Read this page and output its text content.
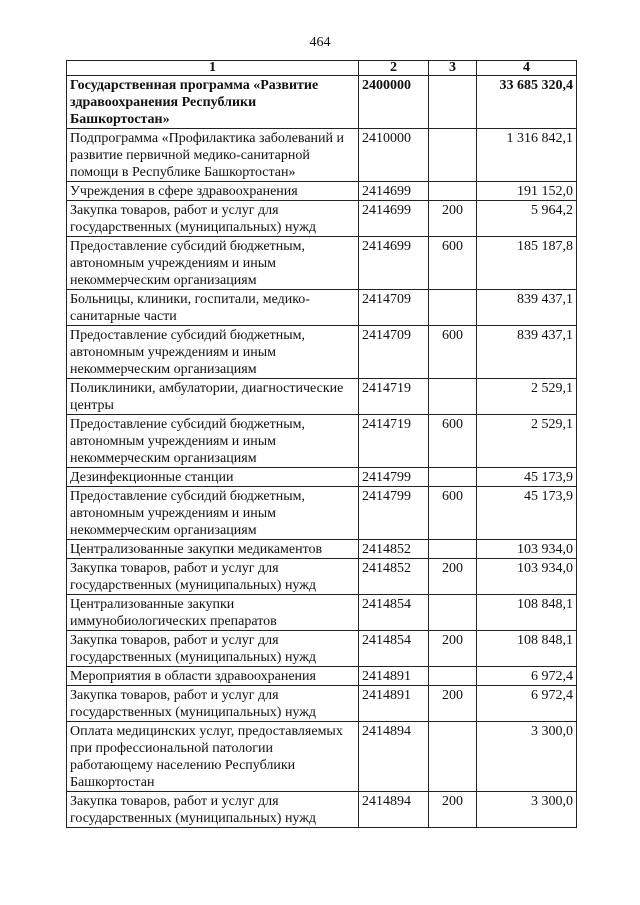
464
1	2	3	4
Государственная программа «Развитие здравоохранения Республики Башкортостан»	2400000		33 685 320,4
Подпрограмма «Профилактика заболеваний и развитие первичной медико-санитарной помощи в Республике Башкортостан»	2410000		1 316 842,1
Учреждения в сфере здравоохранения	2414699		191 152,0
Закупка товаров, работ и услуг для государственных (муниципальных) нужд	2414699	200	5 964,2
Предоставление субсидий бюджетным, автономным учреждениям и иным некоммерческим организациям	2414699	600	185 187,8
Больницы, клиники, госпитали, медико-санитарные части	2414709		839 437,1
Предоставление субсидий бюджетным, автономным учреждениям и иным некоммерческим организациям	2414709	600	839 437,1
Поликлиники, амбулатории, диагностические центры	2414719		2 529,1
Предоставление субсидий бюджетным, автономным учреждениям и иным некоммерческим организациям	2414719	600	2 529,1
Дезинфекционные станции	2414799		45 173,9
Предоставление субсидий бюджетным, автономным учреждениям и иным некоммерческим организациям	2414799	600	45 173,9
Централизованные закупки медикаментов	2414852		103 934,0
Закупка товаров, работ и услуг для государственных (муниципальных) нужд	2414852	200	103 934,0
Централизованные закупки иммунобиологических препаратов	2414854		108 848,1
Закупка товаров, работ и услуг для государственных (муниципальных) нужд	2414854	200	108 848,1
Мероприятия в области здравоохранения	2414891		6 972,4
Закупка товаров, работ и услуг для государственных (муниципальных) нужд	2414891	200	6 972,4
Оплата медицинских услуг, предоставляемых при профессиональной патологии работающему населению Республики Башкортостан	2414894		3 300,0
Закупка товаров, работ и услуг для государственных (муниципальных) нужд	2414894	200	3 300,0
